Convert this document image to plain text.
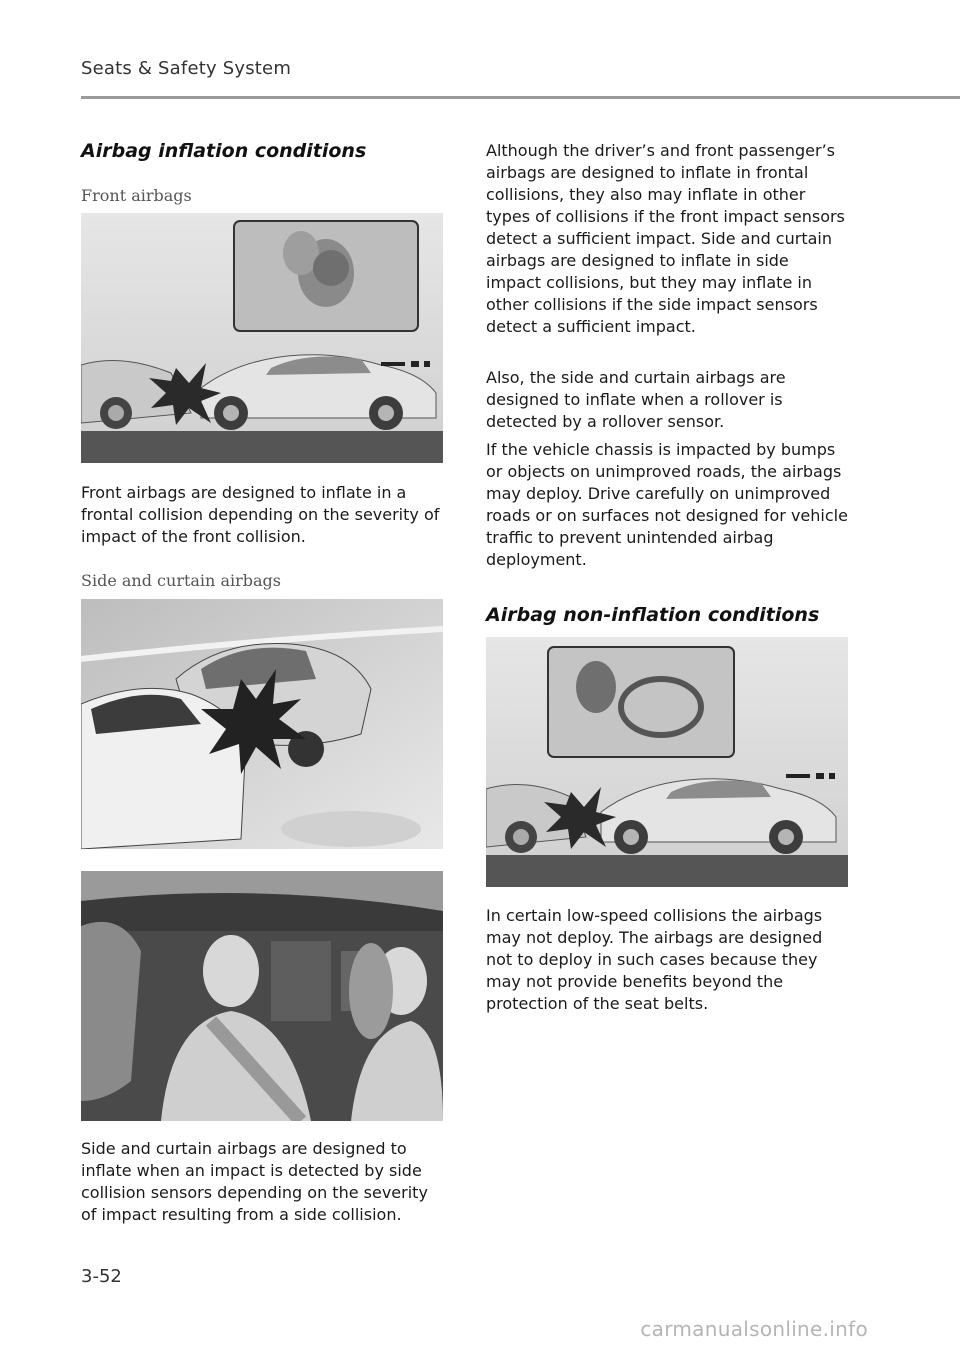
Seats & Safety System
Airbag inflation conditions
Front airbags

Front airbags are designed to inflate in a frontal collision depending on the severity of impact of the front collision.

Side and curtain airbags

Side and curtain airbags are designed to inflate when an impact is detected by side collision sensors depending on the severity of impact resulting from a side collision.

Although the driver’s and front passenger’s airbags are designed to inflate in frontal collisions, they also may inflate in other types of collisions if the front impact sensors detect a sufficient impact. Side and curtain airbags are designed to inflate in side impact collisions, but they may inflate in other collisions if the side impact sensors detect a sufficient impact.

Also, the side and curtain airbags are designed to inflate when a rollover is detected by a rollover sensor.

If the vehicle chassis is impacted by bumps or objects on unimproved roads, the airbags may deploy. Drive carefully on unimproved roads or on surfaces not designed for vehicle traffic to prevent unintended airbag deployment.

Airbag non-inflation conditions

In certain low-speed collisions the airbags may not deploy. The airbags are designed not to deploy in such cases because they may not provide benefits beyond the protection of the seat belts.

3-52
carmanualsonline.info
